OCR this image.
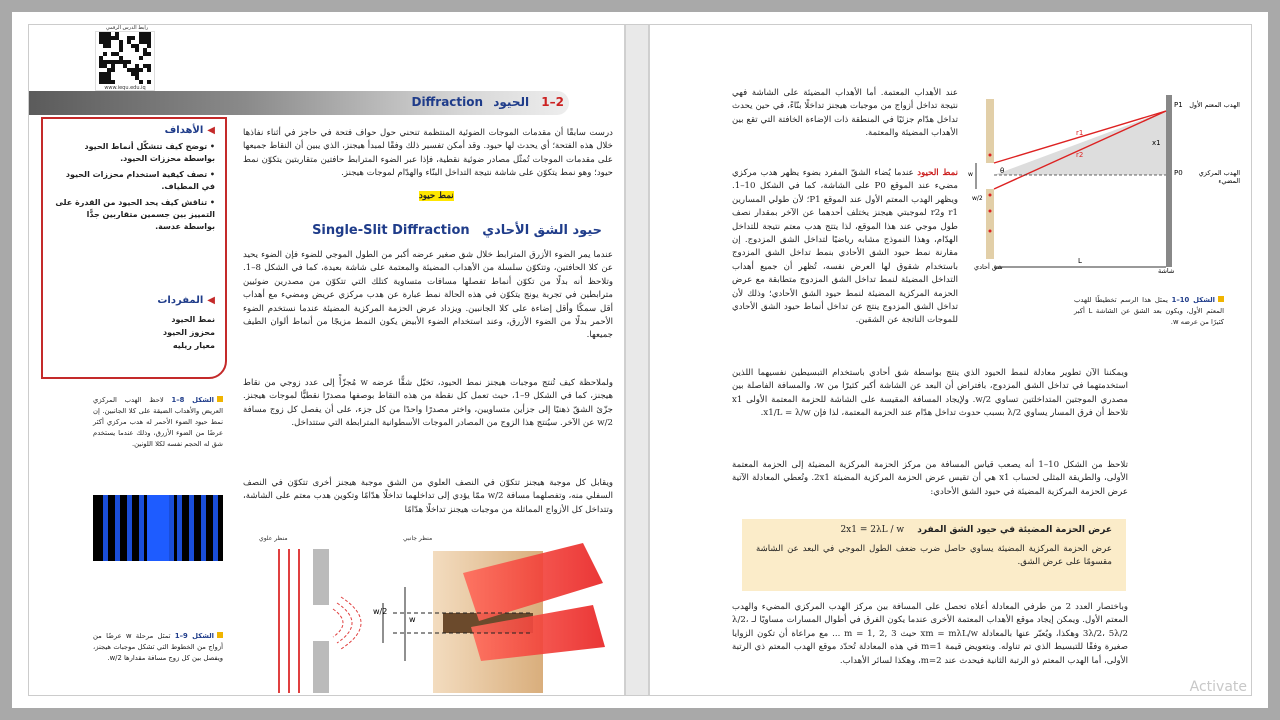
رابط الدرس الرقمي
www.iequ.edu.iq
2–1 الحيود Diffraction
◀الأهداف
• توضح كيف تتشكّل أنماط الحيود بواسطة محززات الحيود.
• تصف كيفية استخدام محززات الحيود في المطياف.
• تناقش كيف يحد الحيود من القدرة على التمييز بين جسمين متقاربين جدًّا بواسطة عدسة.
◀المفردات
نمط الحيود
محزوز الحيود
معيار ريليه
الشكل 8–1 لاحظ الهدب المركزي العريض والأهداب الضيقة على كلا الجانبين. إن نمط حيود الضوء الأحمر له هدب مركزي أكثر عرضًا من الضوء الأزرق، وذلك عندما يستخدم شق له الحجم نفسه لكلا اللونين.
الشكل 9–1 تمثل مرحلة w عرضًا من أزواج من الخطوط التي تشكل موجبات هيجنز، ويفصل بين كل زوج مسافة مقدارها w/2.
درست سابقًا أن مقدمات الموجات الضوئية المنتظمة تنحني حول حواف فتحة في حاجز في أثناء نفاذها خلال هذه الفتحة؛ أي يحدث لها حيود. وقد أمكن تفسير ذلك وفقًا لمبدأ هيجنز، الذي يبين أن النقاط جميعها على مقدمات الموجات تُمثّل مصادر ضوئية نقطية، فإذا عبر الضوء المترابط حافتين متقاربتين يتكوّن نمط حيود؛ وهو نمط يتكوّن على شاشة نتيجة التداخل البنّاء والهدّام لموجات هيجنز.
نمط حيود
حيود الشق الأحادي Single-Slit Diffraction
عندما يمر الضوء الأزرق المترابط خلال شق صغير عرضه أكبر من الطول الموجي للضوء فإن الضوء يحيد عن كلا الحافتين، وتتكوّن سلسلة من الأهداب المضيئة والمعتمة على شاشة بعيدة، كما في الشكل 8–1. وتلاحظ أنه بدلًا من تكوّن أنماط تفصلها مسافات متساوية كتلك التي تتكوّن من مصدرين ضوئيين مترابطين في تجربة يونج يتكوّن في هذه الحالة نمط عبارة عن هدب مركزي عريض ومضيء مع أهداب أقل سمكًا وأقل إضاءة على كلا الجانبين. ويزداد عرض الحزمة المركزية المضيئة عندما نستخدم الضوء الأحمر بدلًا من الضوء الأزرق، وعند استخدام الضوء الأبيض يكون النمط مزيجًا من أنماط ألوان الطيف جميعها.
ولملاحظة كيف تُنتج موجبات هيجنز نمط الحيود، تخيّل شقًّا عرضه w مُجزّأً إلى عدد زوجي من نقاط هيجنز، كما في الشكل 9–1، حيث تعمل كل نقطة من هذه النقاط بوصفها مصدرًا نقطيًّا لموجات هيجنز. جزّئ الشقّ ذهنيًا إلى جزأين متساويين، واختر مصدرًا واحدًا من كل جزء، على أن يفصل كل زوج مسافة w/2 عن الآخر. سيُنتج هذا الزوج من المصادر الموجات الأسطوانية المترابطة التي ستتداخل.
ويقابل كل موجبة هيجنز تتكوّن في النصف العلوي من الشق موجبة هيجنز أخرى تتكوّن في النصف السفلي منه، وتفصلهما مسافة w/2 ممّا يؤدي إلى تداخلهما تداخلًا هدّامًا وتكوين هدب معتم على الشاشة، وتتداخل كل الأزواج المماثلة من موجبات هيجنز تداخلًا هدّامًا
منظر علوي	منظر جانبي
w/2
w
P1	الهدب المعتم الأول
P0	الهدب المركزي المضيء
x1
r1
r2
θ
w
w/2
L
شق أحادي	شاشة
الشكل 10–1 يمثل هذا الرسم تخطيطًا للهدب المعتم الأول، ويكون بعد الشق عن الشاشة L أكبر كثيرًا من عرضه w.
عند الأهداب المعتمة. أما الأهداب المضيئة على الشاشة فهي نتيجة تداخل أزواج من موجبات هيجنز تداخلًا بنّاءً، في حين يحدث تداخل هدّام جزئيًا في المنطقة ذات الإضاءة الخافتة التي تقع بين الأهداب المضيئة والمعتمة.
نمط الحيود عندما يُضاء الشقّ المفرد بضوء يظهر هدب مركزي مضيء عند الموقع P0 على الشاشة، كما في الشكل 10–1. ويظهر الهدب المعتم الأول عند الموقع P1؛ لأن طولي المسارين r1 وr2 لموجبتي هيجنز يختلف أحدهما عن الآخر بمقدار نصف طول موجي عند هذا الموقع، لذا يتتج هدب معتم نتيجة للتداخل الهدّام، وهذا النموذج مشابه رياضيًا لتداخل الشق المزدوج. إن مقارنة نمط حيود الشق الأحادي بنمط تداخل الشق المزدوج باستخدام شقوق لها العرض نفسه، تُظهر أن جميع أهداب التداخل المضيئة لنمط تداخل الشق المزدوج متطابقة مع عرض الحزمة المركزية المضيئة لنمط حيود الشق الأحادي؛ وذلك لأن تداخل الشق المزدوج ينتج عن تداخل أنماط حيود الشق الأحادي للموجات الناتجة عن الشقين.
ويمكننا الآن تطوير معادلة لنمط الحيود الذي ينتج بواسطة شق أحادي باستخدام التبسيطين نفسيهما اللذين استخدمتهما في تداخل الشق المزدوج، بافتراض أن البعد عن الشاشة أكبر كثيرًا من w، والمسافة الفاصلة بين مصدري الموجتين المتداخلتين تساوي w/2. ولإيجاد المسافة المقيسة على الشاشة للحزمة المعتمة الأولى x1 تلاحظ أن فرق المسار يساوي λ/2 بسبب حدوث تداخل هدّام عند الحزمة المعتمة، لذا فإن x1/L = λ/w.
تلاحظ من الشكل 10–1 أنه يصعب قياس المسافة من مركز الحزمة المركزية المضيئة إلى الحزمة المعتمة الأولى، والطريقة المثلى لحساب x1 هي أن تقيس عرض الحزمة المركزية المضيئة 2x1. وتُعطي المعادلة الآتية عرض الحزمة المركزية المضيئة في حيود الشق الأحادي:
عرض الحزمة المضيئة في حيود الشق المفرد 2x1 = 2λL / w
عرض الحزمة المركزية المضيئة يساوي حاصل ضرب ضعف الطول الموجي في البعد عن الشاشة مقسومًا على عرض الشق.
وباختصار العدد 2 من طرفي المعادلة أعلاه تحصل على المسافة بين مركز الهدب المركزي المضيء والهدب المعتم الأول. ويمكن إيجاد موقع الأهداب المعتمة الأخرى عندما يكون الفرق في أطوال المسارات مساويًا لـ λ/2، 3λ/2، 5λ/2 وهكذا، ويُعبّر عنها بالمعادلة xm = mλL/w حيث m = 1, 2, 3 ... مع مراعاة أن تكون الزوايا صغيرة وفقًا للتبسيط الذي تم تناوله. وبتعويض قيمة m=1 في هذه المعادلة تُحدّد موقع الهدب المعتم ذي الرتبة الأولى، أما الهدب المعتم ذو الرتبة الثانية فيحدث عند m=2، وهكذا لسائر الأهداب.
Activate
